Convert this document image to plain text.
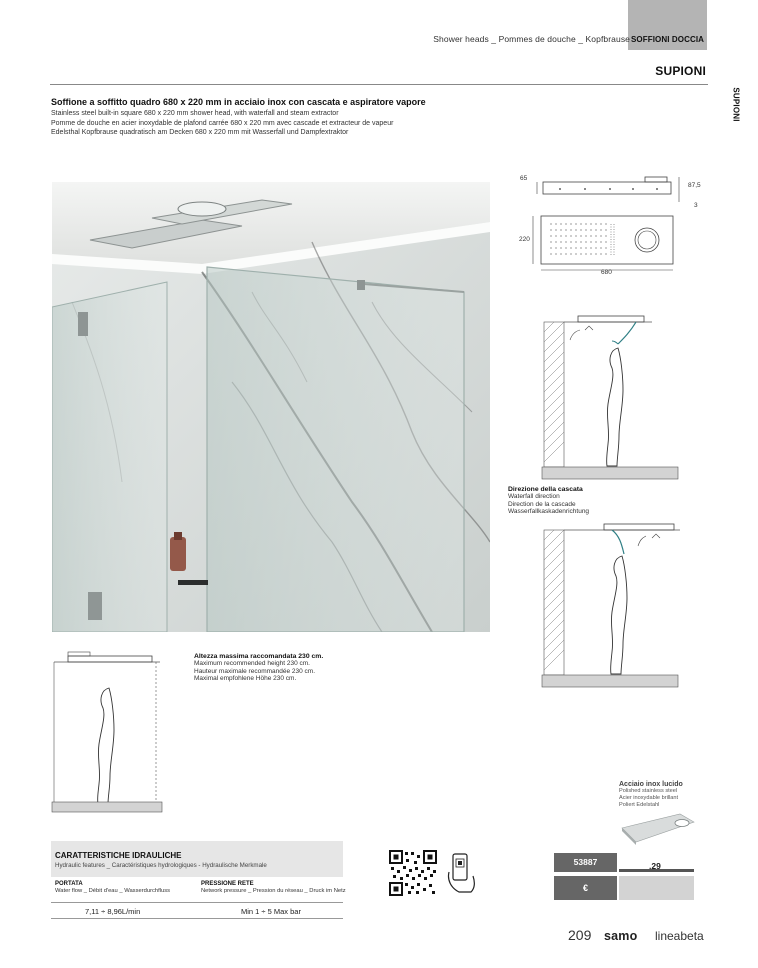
SOFFIONI DOCCIA
Shower heads _ Pommes de douche _ Kopfbrause
SUPIONI
SUPIONI
Soffione a soffitto quadro 680 x 220 mm in acciaio inox con cascata e aspiratore vapore
Stainless steel built-in square 680 x 220 mm shower head, with waterfall and steam extractor
Pomme de douche en acier inoxydable de plafond carrée 680 x 220 mm avec cascade et extracteur de vapeur
Edelsthal Kopfbrause quadratisch am Decken 680 x 220 mm mit Wasserfall und Dampfextraktor
65
87,5
3
220
680
Direzione della cascata
Waterfall direction
Direction de la cascade
Wasserfallkaskadenrichtung
Altezza massima raccomandata 230 cm.
Maximum recommended height 230 cm.
Hauteur maximale recommandée 230 cm.
Maximal empfohlene Höhe 230 cm.
Acciaio inox lucido
Polished stainless steel
Acier inoxydable brillant
Poliert Edelstahl
CARATTERISTICHE IDRAULICHE
Hydraulic features _ Caractéristiques hydrologiques - Hydraulische Merkmale
PORTATA
Water flow _ Débit d'eau _ Wasserdurchfluss
PRESSIONE RETE
Network pressure _ Pression du réseau _ Druck im Netz
7,11 ÷ 8,96L/min	Min 1 ÷ 5 Max bar
53887	.29
€
209 samo lineabeta
